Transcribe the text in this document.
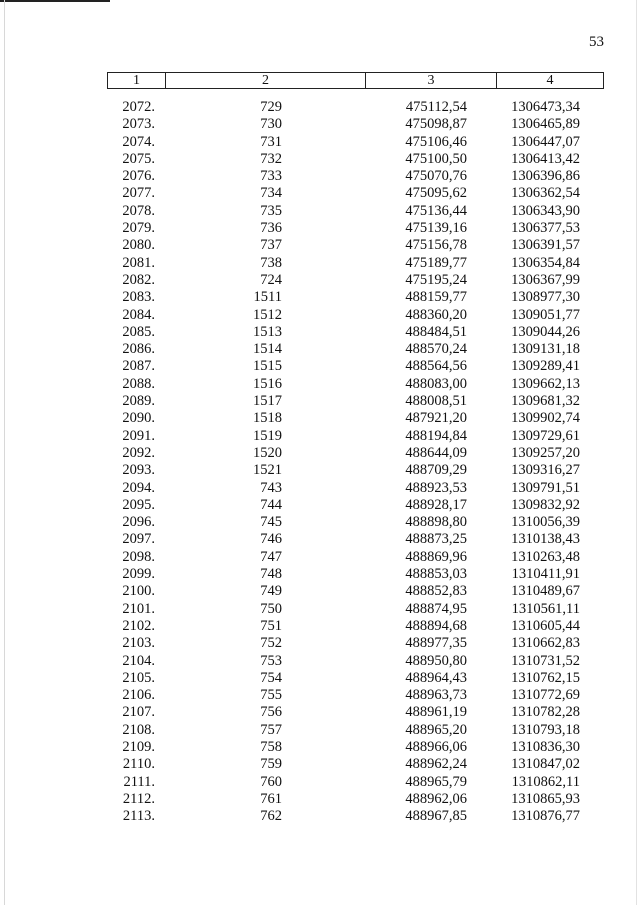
53
1	2	3	4
2072.	729	475112,54	1306473,34
2073.	730	475098,87	1306465,89
2074.	731	475106,46	1306447,07
2075.	732	475100,50	1306413,42
2076.	733	475070,76	1306396,86
2077.	734	475095,62	1306362,54
2078.	735	475136,44	1306343,90
2079.	736	475139,16	1306377,53
2080.	737	475156,78	1306391,57
2081.	738	475189,77	1306354,84
2082.	724	475195,24	1306367,99
2083.	1511	488159,77	1308977,30
2084.	1512	488360,20	1309051,77
2085.	1513	488484,51	1309044,26
2086.	1514	488570,24	1309131,18
2087.	1515	488564,56	1309289,41
2088.	1516	488083,00	1309662,13
2089.	1517	488008,51	1309681,32
2090.	1518	487921,20	1309902,74
2091.	1519	488194,84	1309729,61
2092.	1520	488644,09	1309257,20
2093.	1521	488709,29	1309316,27
2094.	743	488923,53	1309791,51
2095.	744	488928,17	1309832,92
2096.	745	488898,80	1310056,39
2097.	746	488873,25	1310138,43
2098.	747	488869,96	1310263,48
2099.	748	488853,03	1310411,91
2100.	749	488852,83	1310489,67
2101.	750	488874,95	1310561,11
2102.	751	488894,68	1310605,44
2103.	752	488977,35	1310662,83
2104.	753	488950,80	1310731,52
2105.	754	488964,43	1310762,15
2106.	755	488963,73	1310772,69
2107.	756	488961,19	1310782,28
2108.	757	488965,20	1310793,18
2109.	758	488966,06	1310836,30
2110.	759	488962,24	1310847,02
2111.	760	488965,79	1310862,11
2112.	761	488962,06	1310865,93
2113.	762	488967,85	1310876,77
